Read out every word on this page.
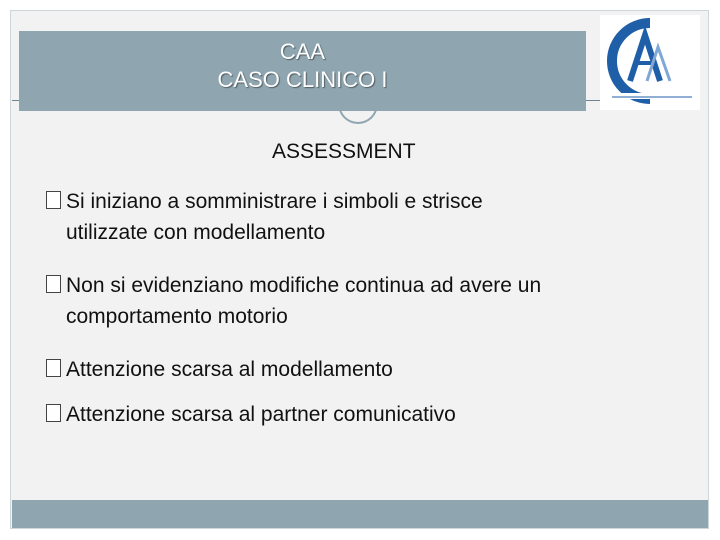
CAA
CASO CLINICO I
ASSESSMENT
Si iniziano a somministrare i simboli e strisce
utilizzate con modellamento
Non si evidenziano modifiche continua ad avere un
comportamento motorio
Attenzione scarsa al modellamento
Attenzione scarsa al partner comunicativo
